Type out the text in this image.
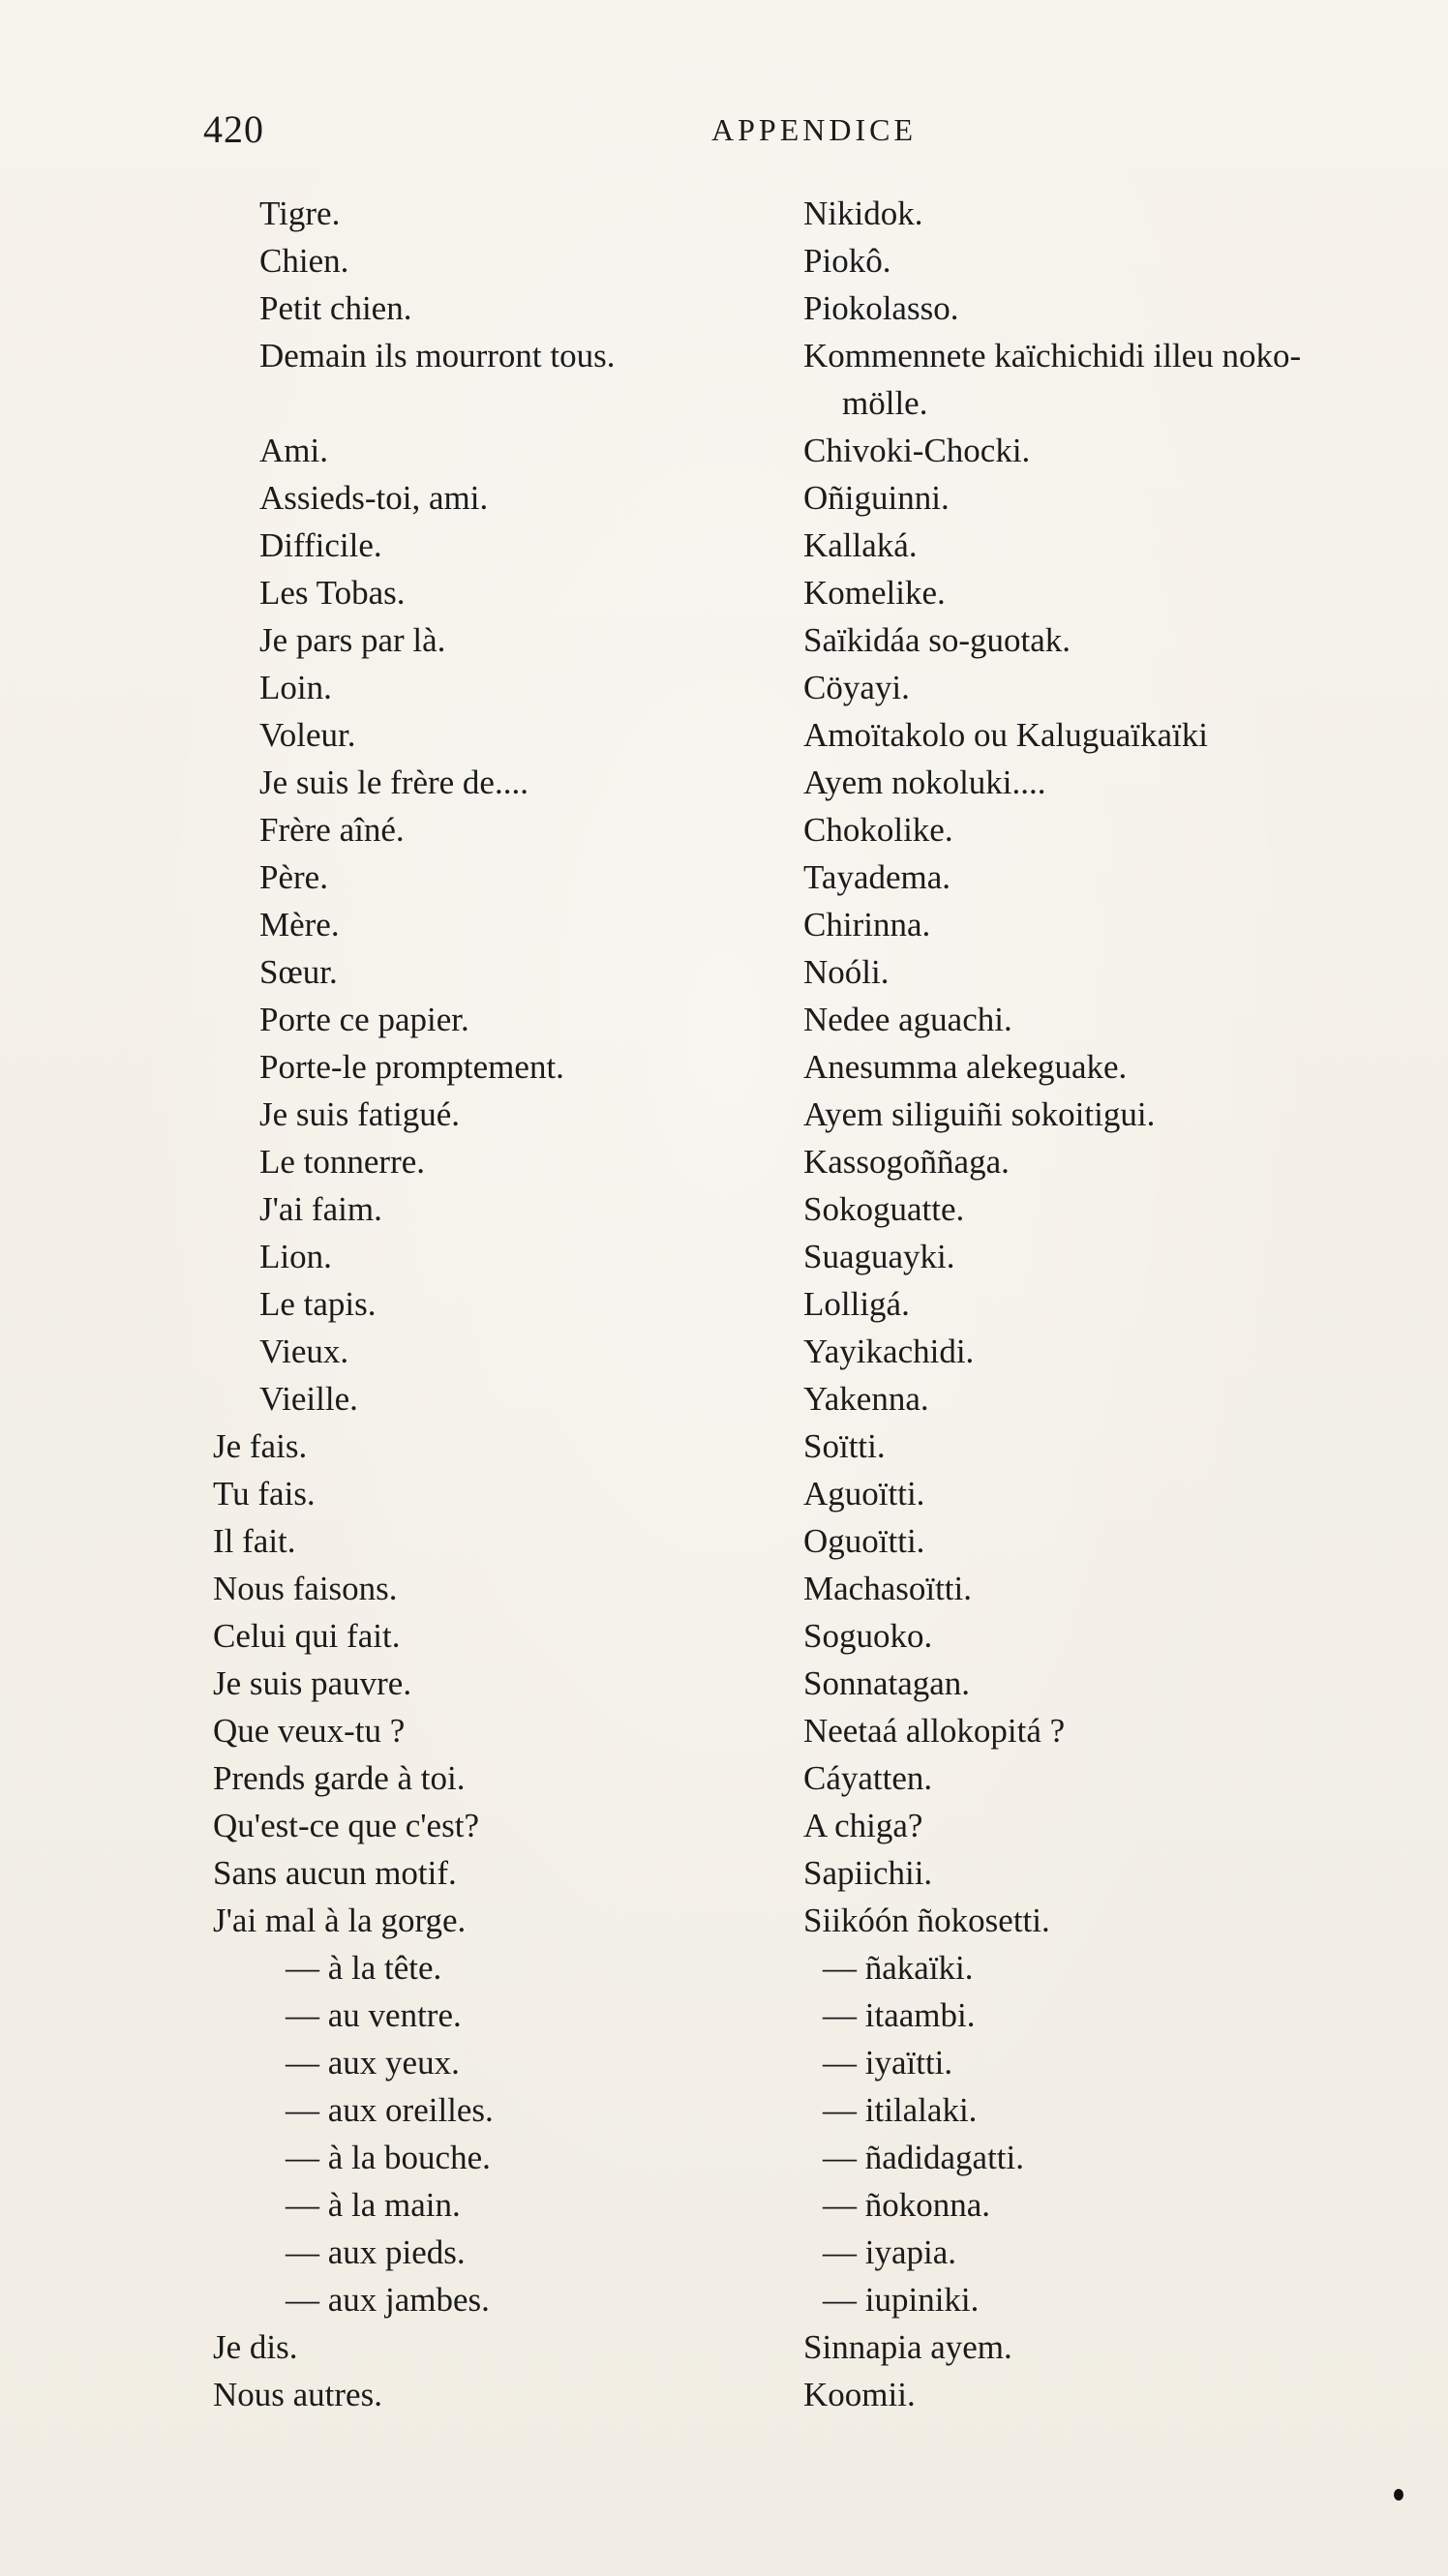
420	APPENDICE
Tigre.	Nikidok.
Chien.	Piokô.
Petit chien.	Piokolasso.
Demain ils mourront tous.	Kommennete kaïchichidi illeu noko-
mölle.
Ami.	Chivoki-Chocki.
Assieds-toi, ami.	Oñiguinni.
Difficile.	Kallaká.
Les Tobas.	Komelike.
Je pars par là.	Saïkidáa so-guotak.
Loin.	Cöyayi.
Voleur.	Amoïtakolo ou Kaluguaïkaïki
Je suis le frère de....	Ayem nokoluki....
Frère aîné.	Chokolike.
Père.	Tayadema.
Mère.	Chirinna.
Sœur.	Noóli.
Porte ce papier.	Nedee aguachi.
Porte-le promptement.	Anesumma alekeguake.
Je suis fatigué.	Ayem siliguiñi sokoitigui.
Le tonnerre.	Kassogoññaga.
J'ai faim.	Sokoguatte.
Lion.	Suaguayki.
Le tapis.	Lolligá.
Vieux.	Yayikachidi.
Vieille.	Yakenna.
Je fais.	Soïtti.
Tu fais.	Aguoïtti.
Il fait.	Oguoïtti.
Nous faisons.	Machasoïtti.
Celui qui fait.	Soguoko.
Je suis pauvre.	Sonnatagan.
Que veux-tu ?	Neetaá allokopitá ?
Prends garde à toi.	Cáyatten.
Qu'est-ce que c'est?	A chiga?
Sans aucun motif.	Sapiichii.
J'ai mal à la gorge.	Siikóón ñokosetti.
— à la tête.	— ñakaïki.
— au ventre.	— itaambi.
— aux yeux.	— iyaïtti.
— aux oreilles.	— itilalaki.
— à la bouche.	— ñadidagatti.
— à la main.	— ñokonna.
— aux pieds.	— iyapia.
— aux jambes.	— iupiniki.
Je dis.	Sinnapia ayem.
Nous autres.	Koomii.
